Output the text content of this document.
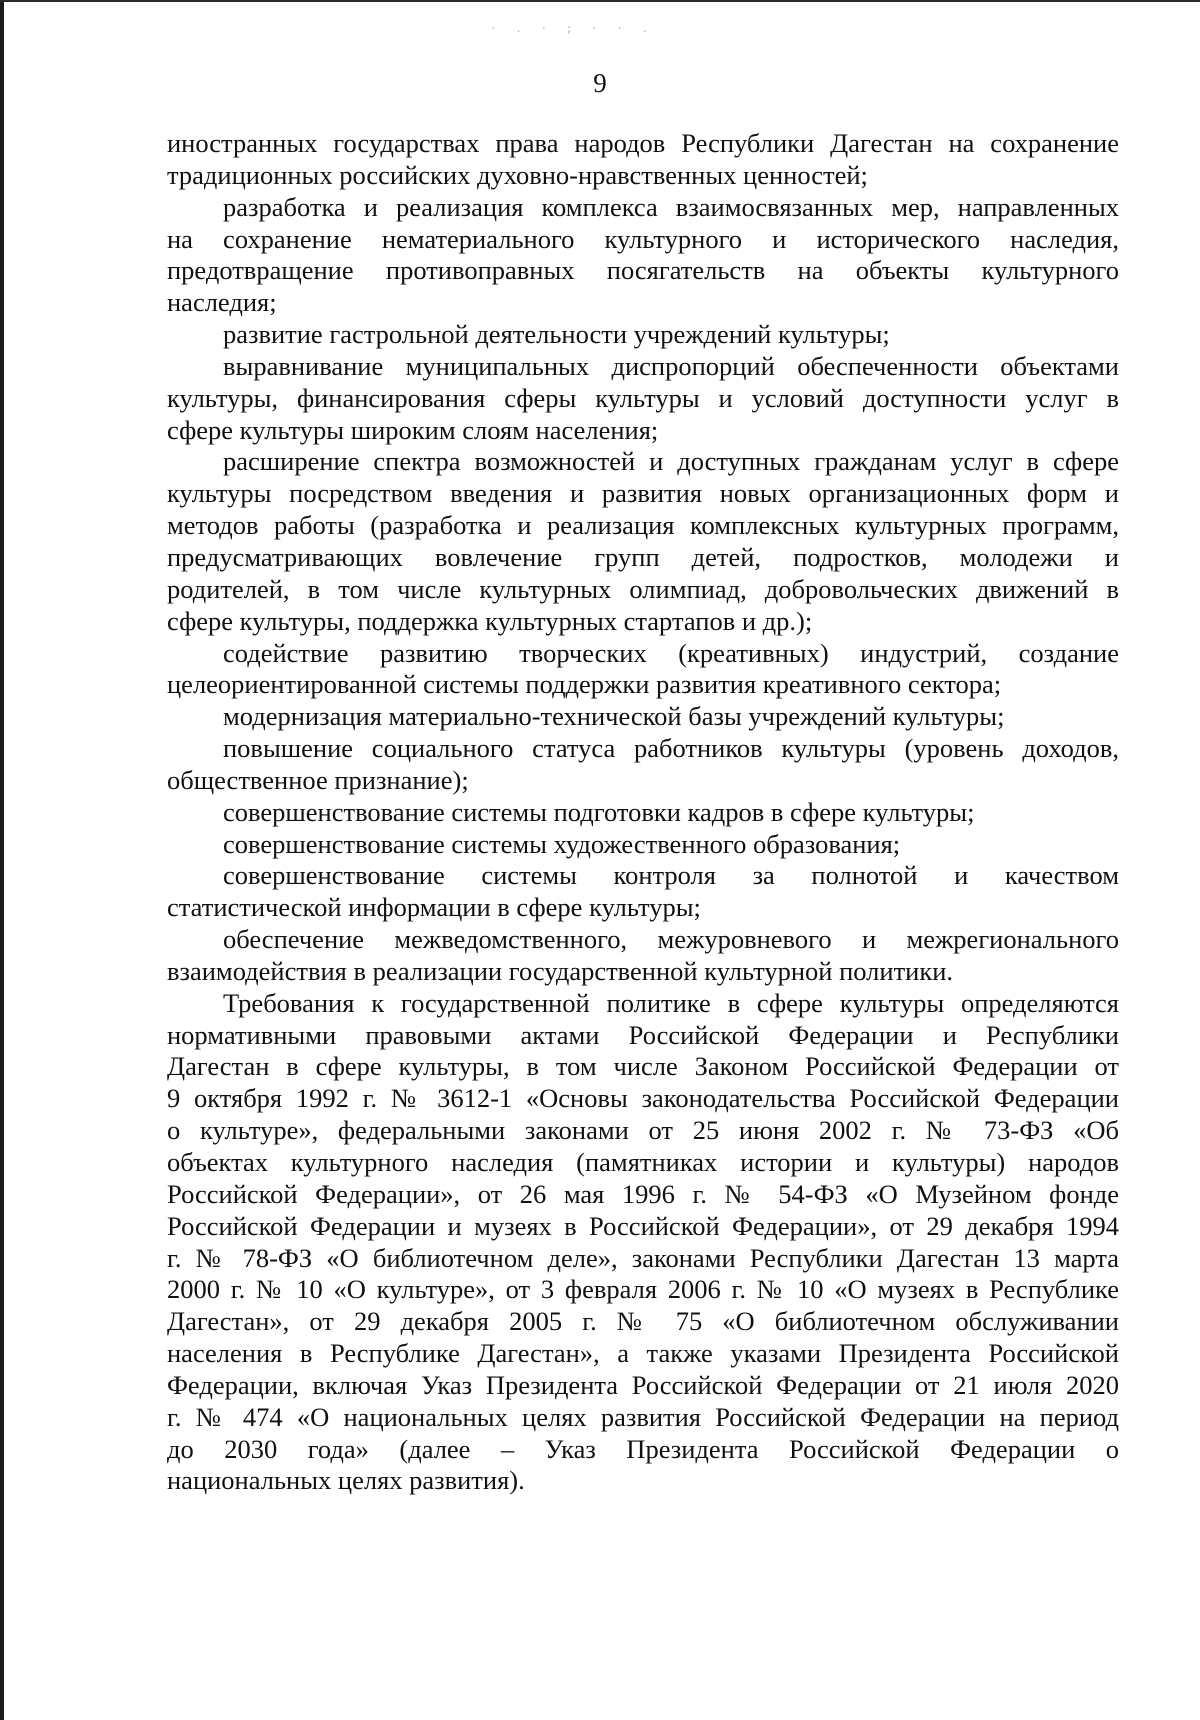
· . · ; · · .
9
иностранных государствах права народов Республики Дагестан на сохранение
традиционных российских духовно-нравственных ценностей;
разработка и реализация комплекса взаимосвязанных мер, направленных
на сохранение нематериального культурного и исторического наследия,
предотвращение противоправных посягательств на объекты культурного
наследия;
развитие гастрольной деятельности учреждений культуры;
выравнивание муниципальных диспропорций обеспеченности объектами
культуры, финансирования сферы культуры и условий доступности услуг в
сфере культуры широким слоям населения;
расширение спектра возможностей и доступных гражданам услуг в сфере
культуры посредством введения и развития новых организационных форм и
методов работы (разработка и реализация комплексных культурных программ,
предусматривающих вовлечение групп детей, подростков, молодежи и
родителей, в том числе культурных олимпиад, добровольческих движений в
сфере культуры, поддержка культурных стартапов и др.);
содействие развитию творческих (креативных) индустрий, создание
целеориентированной системы поддержки развития креативного сектора;
модернизация материально-технической базы учреждений культуры;
повышение социального статуса работников культуры (уровень доходов,
общественное признание);
совершенствование системы подготовки кадров в сфере культуры;
совершенствование системы художественного образования;
совершенствование системы контроля за полнотой и качеством
статистической информации в сфере культуры;
обеспечение межведомственного, межуровневого и межрегионального
взаимодействия в реализации государственной культурной политики.
Требования к государственной политике в сфере культуры определяются
нормативными правовыми актами Российской Федерации и Республики
Дагестан в сфере культуры, в том числе Законом Российской Федерации от
9 октября 1992 г. № 3612-1 «Основы законодательства Российской Федерации
о культуре», федеральными законами от 25 июня 2002 г. № 73-ФЗ «Об
объектах культурного наследия (памятниках истории и культуры) народов
Российской Федерации», от 26 мая 1996 г. № 54-ФЗ «О Музейном фонде
Российской Федерации и музеях в Российской Федерации», от 29 декабря 1994
г. № 78-ФЗ «О библиотечном деле», законами Республики Дагестан 13 марта
2000 г. № 10 «О культуре», от 3 февраля 2006 г. № 10 «О музеях в Республике
Дагестан», от 29 декабря 2005 г. № 75 «О библиотечном обслуживании
населения в Республике Дагестан», а также указами Президента Российской
Федерации, включая Указ Президента Российской Федерации от 21 июля 2020
г. № 474 «О национальных целях развития Российской Федерации на период
до 2030 года» (далее – Указ Президента Российской Федерации о
национальных целях развития).
